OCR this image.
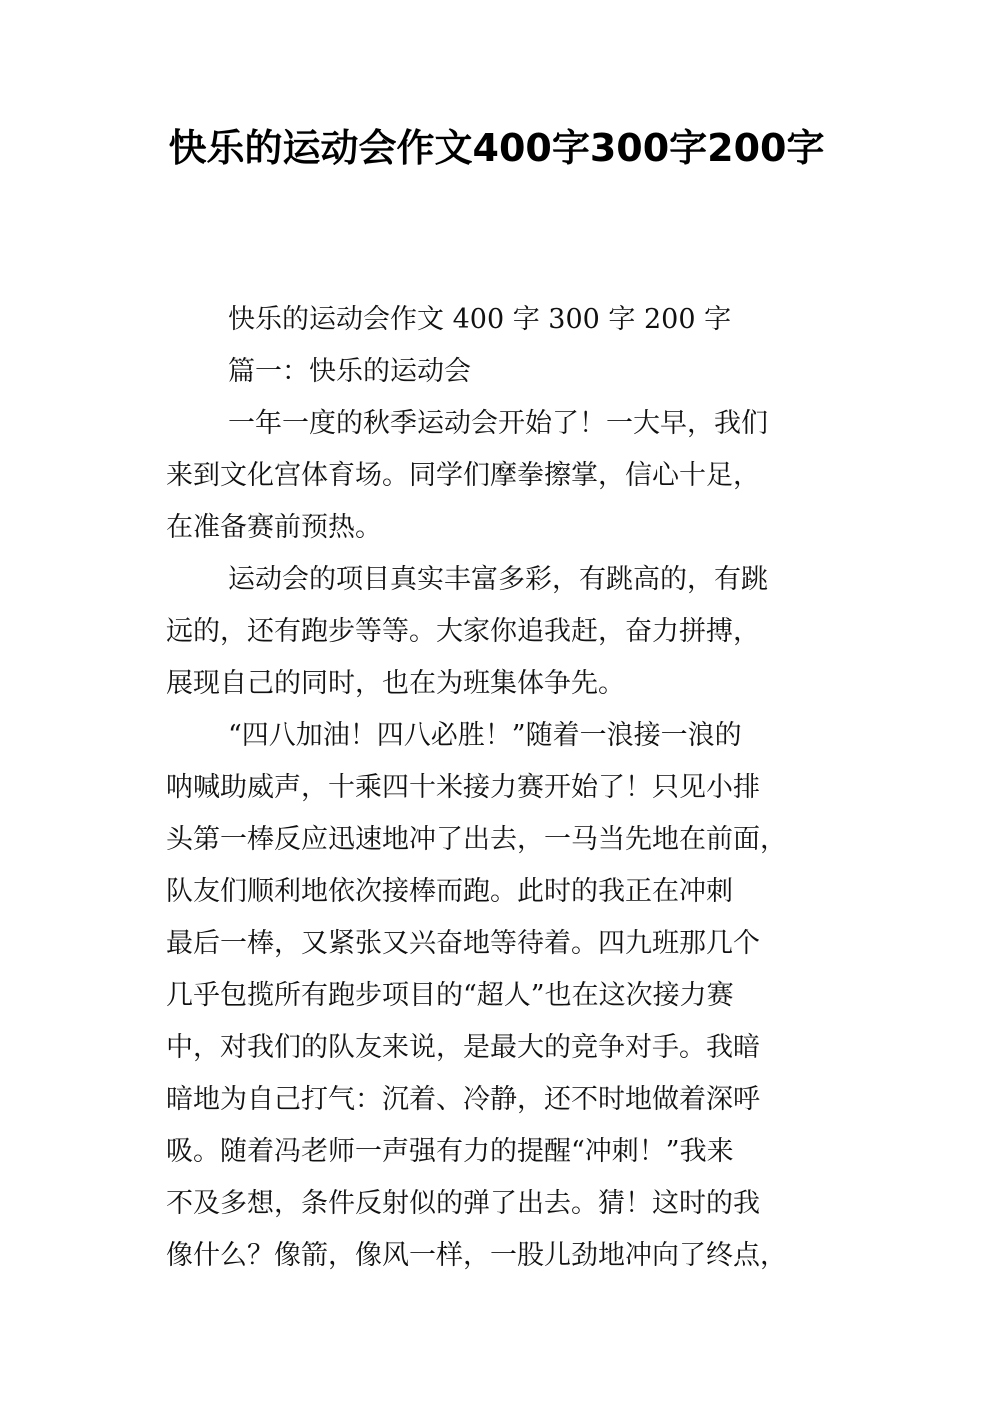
快乐的运动会作文400字300字200字
快乐的运动会作文 400 字 300 字 200 字
篇一：快乐的运动会
一年一度的秋季运动会开始了！一大早，我们
来到文化宫体育场。同学们摩拳擦掌，信心十足，
在准备赛前预热。
运动会的项目真实丰富多彩，有跳高的，有跳
远的，还有跑步等等。大家你追我赶，奋力拼搏，
展现自己的同时，也在为班集体争先。
“四八加油！四八必胜！”随着一浪接一浪的
呐喊助威声，十乘四十米接力赛开始了！只见小排
头第一棒反应迅速地冲了出去，一马当先地在前面，
队友们顺利地依次接棒而跑。此时的我正在冲刺
最后一棒，又紧张又兴奋地等待着。四九班那几个
几乎包揽所有跑步项目的“超人”也在这次接力赛
中，对我们的队友来说，是最大的竞争对手。我暗
暗地为自己打气：沉着、冷静，还不时地做着深呼
吸。随着冯老师一声强有力的提醒“冲刺！”我来
不及多想，条件反射似的弹了出去。猜！这时的我
像什么？像箭，像风一样，一股儿劲地冲向了终点，
